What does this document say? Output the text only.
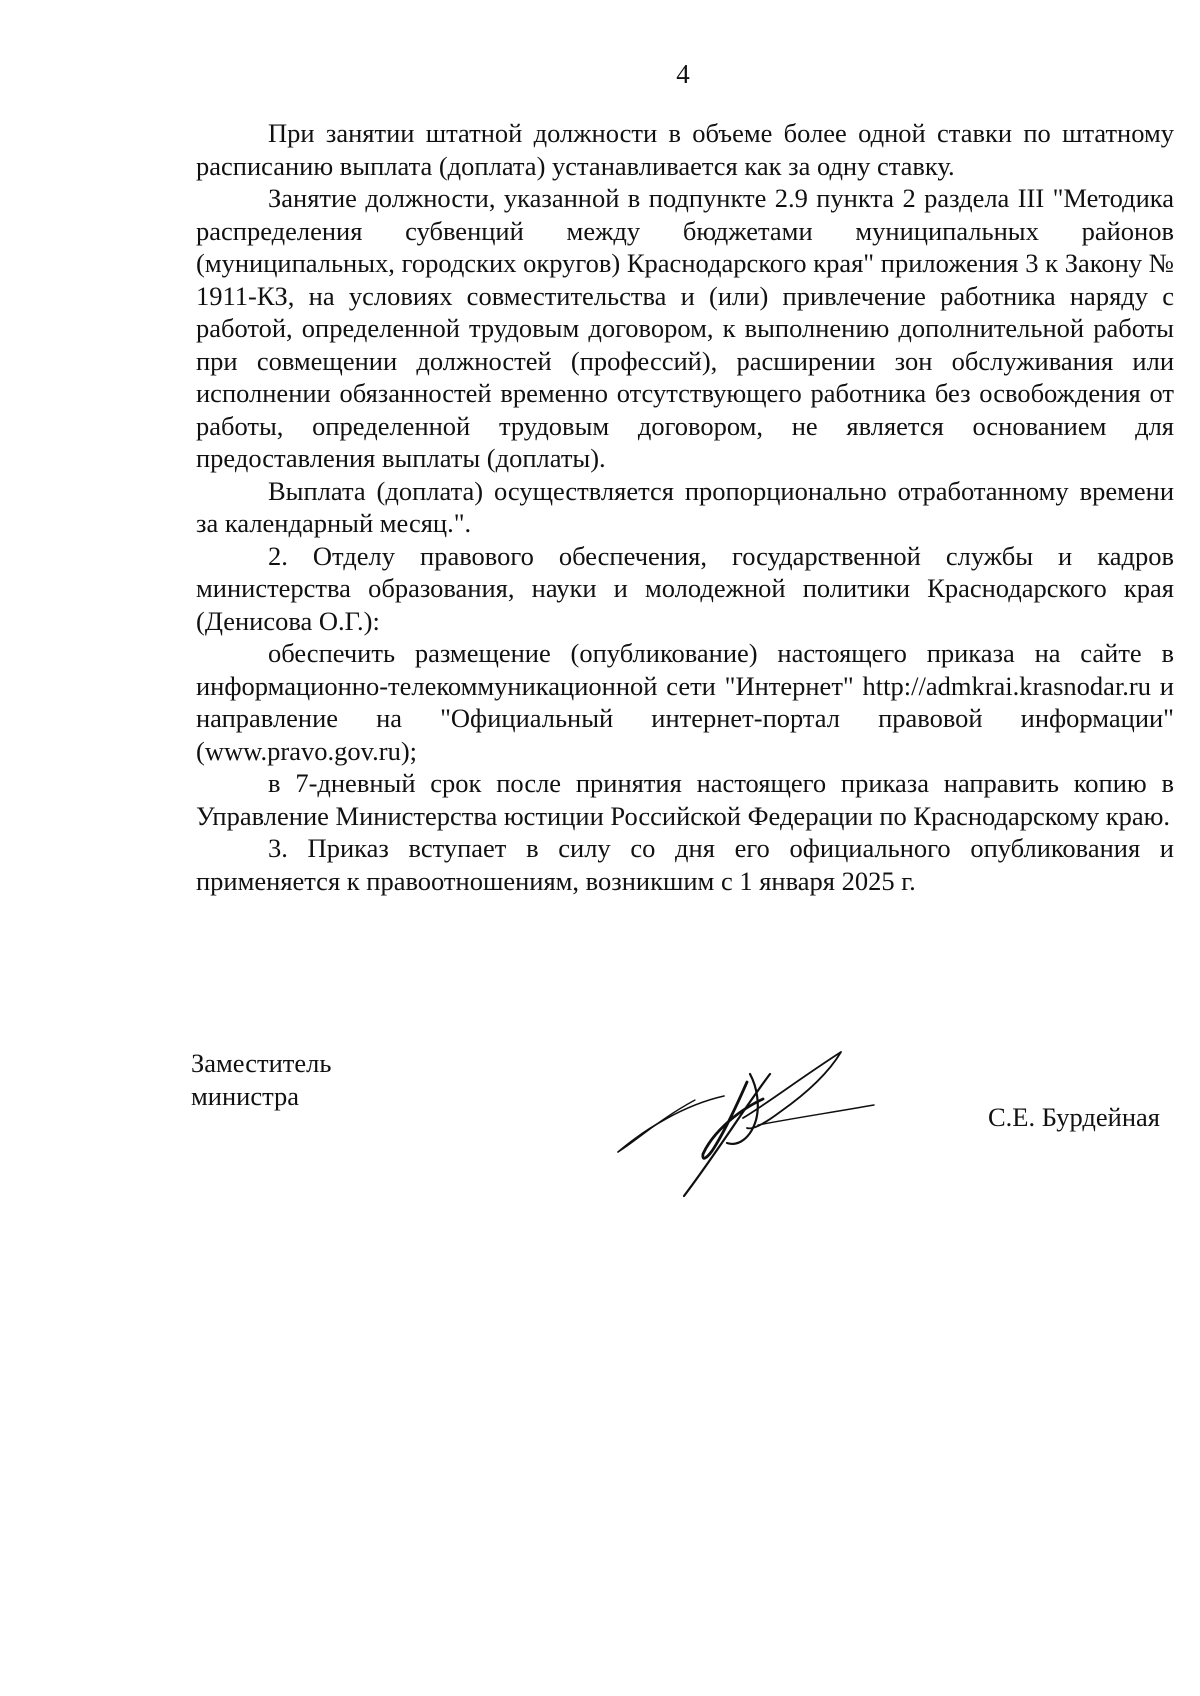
4

При занятии штатной должности в объеме более одной ставки по штатному расписанию выплата (доплата) устанавливается как за одну ставку.

Занятие должности, указанной в подпункте 2.9 пункта 2 раздела III "Методика распределения субвенций между бюджетами муниципальных районов (муниципальных, городских округов) Краснодарского края" приложения 3 к Закону № 1911-КЗ, на условиях совместительства и (или) привлечение работника наряду с работой, определенной трудовым договором, к выполнению дополнительной работы при совмещении должностей (профессий), расширении зон обслуживания или исполнении обязанностей временно отсутствующего работника без освобождения от работы, определенной трудовым договором, не является основанием для предоставления выплаты (доплаты).

Выплата (доплата) осуществляется пропорционально отработанному времени за календарный месяц.".

2. Отделу правового обеспечения, государственной службы и кадров министерства образования, науки и молодежной политики Краснодарского края (Денисова О.Г.):

обеспечить размещение (опубликование) настоящего приказа на сайте в информационно-телекоммуникационной сети "Интернет" http://admkrai.krasnodar.ru и направление на "Официальный интернет-портал правовой информации" (www.pravo.gov.ru);

в 7-дневный срок после принятия настоящего приказа направить копию в Управление Министерства юстиции Российской Федерации по Краснодарскому краю.

3. Приказ вступает в силу со дня его официального опубликования и применяется к правоотношениям, возникшим с 1 января 2025 г.

Заместитель
министра
С.Е. Бурдейная
